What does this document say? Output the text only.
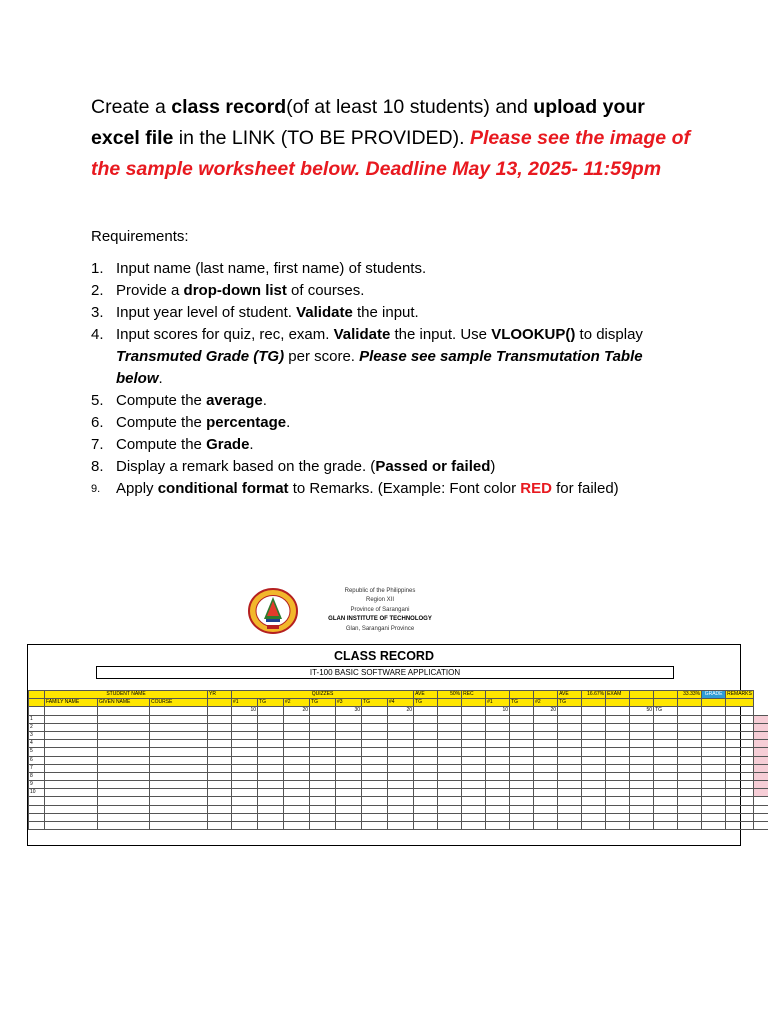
Create a class record(of at least 10 students) and upload your excel file in the LINK (TO BE PROVIDED). Please see the image of the sample worksheet below. Deadline May 13, 2025- 11:59pm
Requirements:
1. Input name (last name, first name) of students.
2. Provide a drop-down list of courses.
3. Input year level of student. Validate the input.
4. Input scores for quiz, rec, exam. Validate the input. Use VLOOKUP() to display Transmuted Grade (TG) per score. Please see sample Transmutation Table below.
5. Compute the average.
6. Compute the percentage.
7. Compute the Grade.
8. Display a remark based on the grade. (Passed or failed)
9. Apply conditional format to Remarks. (Example: Font color RED for failed)
Republic of the Philippines
Region XII
Province of Sarangani
GLAN INSTITUTE OF TECHNOLOGY
Glan, Sarangani Province
CLASS RECORD
IT-100 BASIC SOFTWARE APPLICATION
	STUDENT NAME			YR	QUIZZES							AVE	50%	REC				AVE	16.67%	EXAM			33.33%	GRADE	REMARKS	
	FAMILY NAME	GIVEN NAME	COURSE		#1	TG	#2	TG	#3	TG	#4	TG			#1	TG	#2	TG								
					10		20		30		20				10		20				50	TG				
1																										
2																										
3																										
4																										
5																										
6																										
7																										
8																										
9																										
10																										
